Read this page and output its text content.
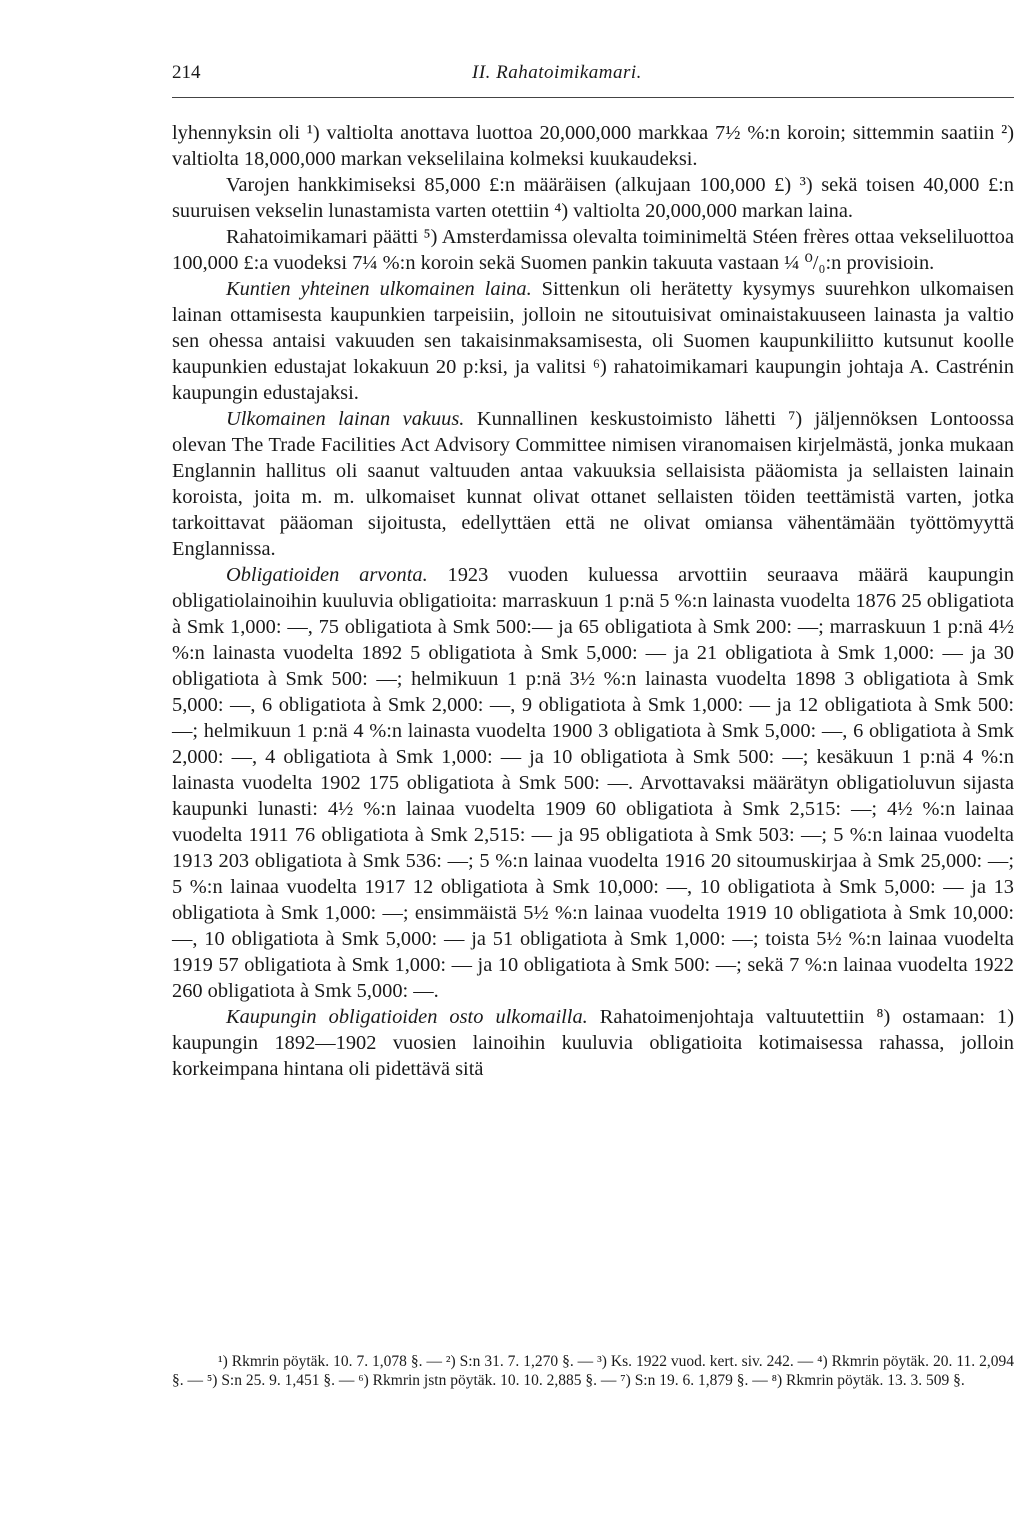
214	II. Rahatoimikamari.

lyhennyksin oli ¹) valtiolta anottava luottoa 20,000,000 markkaa 7½ %:n koroin; sittemmin saatiin ²) valtiolta 18,000,000 markan vekselilaina kolmeksi kuukaudeksi.

Varojen hankkimiseksi 85,000 £:n määräisen (alkujaan 100,000 £) ³) sekä toisen 40,000 £:n suuruisen vekselin lunastamista varten otettiin ⁴) valtiolta 20,000,000 markan laina.

Rahatoimikamari päätti ⁵) Amsterdamissa olevalta toiminimeltä Stéen frères ottaa vekseliluottoa 100,000 £:a vuodeksi 7¼ %:n koroin sekä Suomen pankin takuuta vastaan ¼ ⁰/₀:n provisioin.

Kuntien yhteinen ulkomainen laina. Sittenkun oli herätetty kysymys suurehkon ulkomaisen lainan ottamisesta kaupunkien tarpeisiin, jolloin ne sitoutuisivat ominaistakuuseen lainasta ja valtio sen ohessa antaisi vakuuden sen takaisinmaksamisesta, oli Suomen kaupunkiliitto kutsunut koolle kaupunkien edustajat lokakuun 20 p:ksi, ja valitsi ⁶) rahatoimikamari kaupungin johtaja A. Castrénin kaupungin edustajaksi.

Ulkomainen lainan vakuus. Kunnallinen keskustoimisto lähetti ⁷) jäljennöksen Lontoossa olevan The Trade Facilities Act Advisory Committee nimisen viranomaisen kirjelmästä, jonka mukaan Englannin hallitus oli saanut valtuuden antaa vakuuksia sellaisista pääomista ja sellaisten lainain koroista, joita m. m. ulkomaiset kunnat olivat ottanet sellaisten töiden teettämistä varten, jotka tarkoittavat pääoman sijoitusta, edellyttäen että ne olivat omiansa vähentämään työttömyyttä Englannissa.

Obligatioiden arvonta. 1923 vuoden kuluessa arvottiin seuraava määrä kaupungin obligatiolainoihin kuuluvia obligatioita: marraskuun 1 p:nä 5 %:n lainasta vuodelta 1876 25 obligatiota à Smk 1,000: —, 75 obligatiota à Smk 500:— ja 65 obligatiota à Smk 200: —; marraskuun 1 p:nä 4½ %:n lainasta vuodelta 1892 5 obligatiota à Smk 5,000: — ja 21 obligatiota à Smk 1,000: — ja 30 obligatiota à Smk 500: —; helmikuun 1 p:nä 3½ %:n lainasta vuodelta 1898 3 obligatiota à Smk 5,000: —, 6 obligatiota à Smk 2,000: —, 9 obligatiota à Smk 1,000: — ja 12 obligatiota à Smk 500: —; helmikuun 1 p:nä 4 %:n lainasta vuodelta 1900 3 obligatiota à Smk 5,000: —, 6 obligatiota à Smk 2,000: —, 4 obligatiota à Smk 1,000: — ja 10 obligatiota à Smk 500: —; kesäkuun 1 p:nä 4 %:n lainasta vuodelta 1902 175 obligatiota à Smk 500: —. Arvottavaksi määrätyn obligatioluvun sijasta kaupunki lunasti: 4½ %:n lainaa vuodelta 1909 60 obligatiota à Smk 2,515: —; 4½ %:n lainaa vuodelta 1911 76 obligatiota à Smk 2,515: — ja 95 obligatiota à Smk 503: —; 5 %:n lainaa vuodelta 1913 203 obligatiota à Smk 536: —; 5 %:n lainaa vuodelta 1916 20 sitoumuskirjaa à Smk 25,000: —; 5 %:n lainaa vuodelta 1917 12 obligatiota à Smk 10,000: —, 10 obligatiota à Smk 5,000: — ja 13 obligatiota à Smk 1,000: —; ensimmäistä 5½ %:n lainaa vuodelta 1919 10 obligatiota à Smk 10,000: —, 10 obligatiota à Smk 5,000: — ja 51 obligatiota à Smk 1,000: —; toista 5½ %:n lainaa vuodelta 1919 57 obligatiota à Smk 1,000: — ja 10 obligatiota à Smk 500: —; sekä 7 %:n lainaa vuodelta 1922 260 obligatiota à Smk 5,000: —.

Kaupungin obligatioiden osto ulkomailla. Rahatoimenjohtaja valtuutettiin ⁸) ostamaan: 1) kaupungin 1892—1902 vuosien lainoihin kuuluvia obligatioita kotimaisessa rahassa, jolloin korkeimpana hintana oli pidettävä sitä

¹) Rkmrin pöytäk. 10. 7. 1,078 §. — ²) S:n 31. 7. 1,270 §. — ³) Ks. 1922 vuod. kert. siv. 242. — ⁴) Rkmrin pöytäk. 20. 11. 2,094 §. — ⁵) S:n 25. 9. 1,451 §. — ⁶) Rkmrin jstn pöytäk. 10. 10. 2,885 §. — ⁷) S:n 19. 6. 1,879 §. — ⁸) Rkmrin pöytäk. 13. 3. 509 §.
